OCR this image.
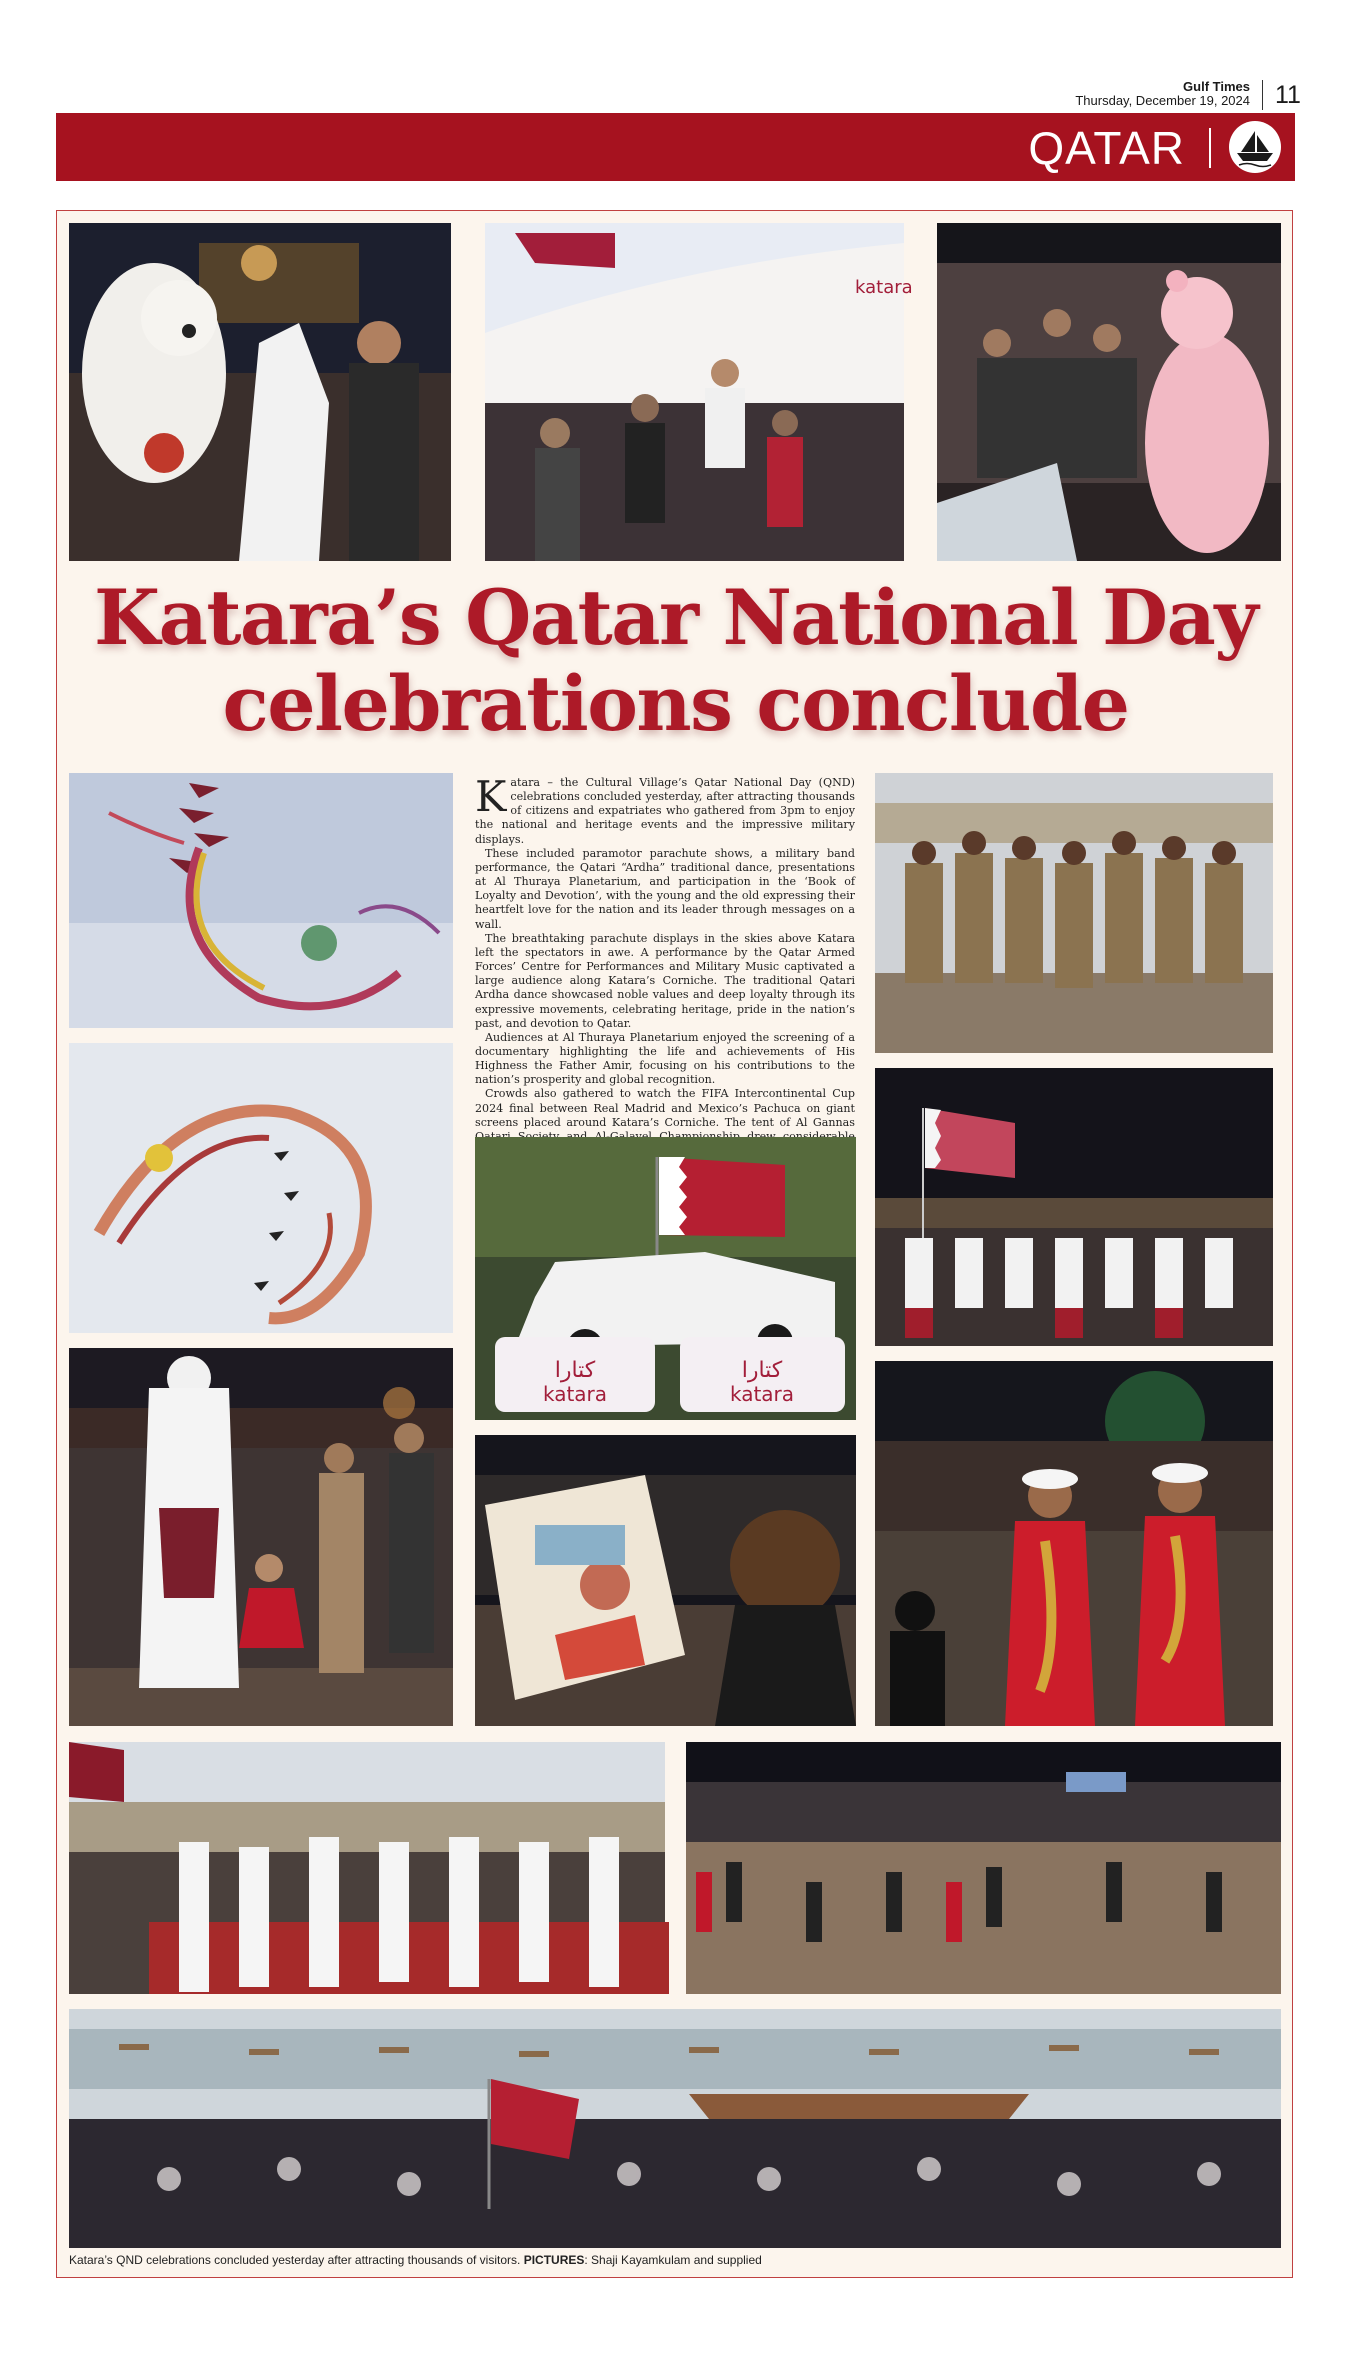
Gulf Times
Thursday, December 19, 2024	11
QATAR
katara
Katara’s Qatar National Day
celebrations conclude

Katara – the Cultural Village’s Qatar National Day (QND) celebrations concluded yesterday, after attracting thousands of citizens and expatriates who gathered from 3pm to enjoy the national and heritage events and the impressive military displays.

These included paramotor parachute shows, a military band performance, the Qatari “Ardha” traditional dance, presentations at Al Thuraya Planetarium, and participation in the ‘Book of Loyalty and Devotion’, with the young and the old expressing their heartfelt love for the nation and its leader through messages on a wall.

The breathtaking parachute displays in the skies above Katara left the spectators in awe. A performance by the Qatar Armed Forces’ Centre for Performances and Military Music captivated a large audience along Katara’s Corniche. The traditional Qatari Ardha dance showcased noble values and deep loyalty through its expressive movements, celebrating heritage, pride in the nation’s past, and devotion to Qatar.

Audiences at Al Thuraya Planetarium enjoyed the screening of a documentary highlighting the life and achievements of His Highness the Father Amir, focusing on his contributions to the nation’s prosperity and global recognition.

Crowds also gathered to watch the FIFA Intercontinental Cup 2024 final between Real Madrid and Mexico’s Pachuca on giant screens placed around Katara’s Corniche. The tent of Al Gannas

كتارا
katara
كتارا
katara
Katara’s QND celebrations concluded yesterday after attracting thousands of visitors. PICTURES: Shaji Kayamkulam and supplied
